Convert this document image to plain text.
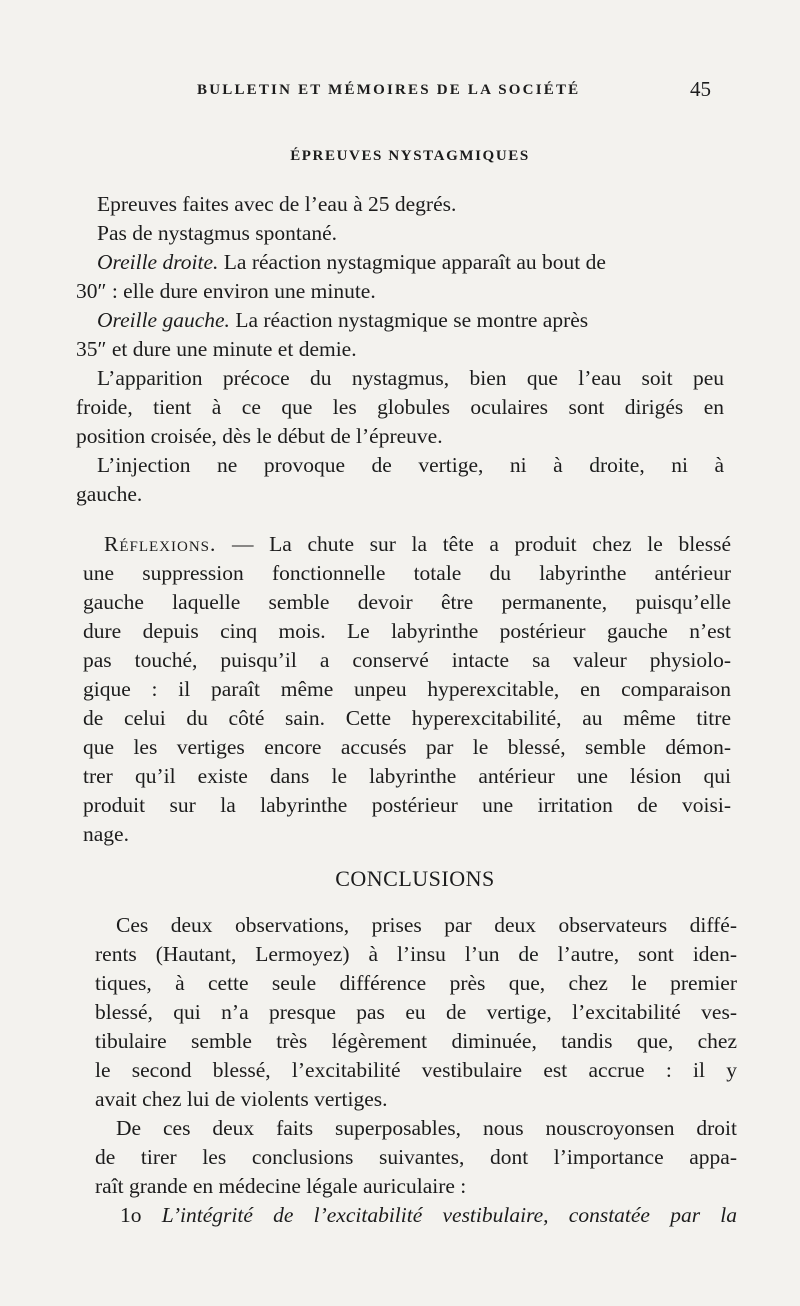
BULLETIN ET MÉMOIRES DE LA SOCIÉTÉ	45
ÉPREUVES NYSTAGMIQUES
Epreuves faites avec de l’eau à 25 degrés.
Pas de nystagmus spontané.
Oreille droite. La réaction nystagmique apparaît au bout de
30″ : elle dure environ une minute.
Oreille gauche. La réaction nystagmique se montre après
35″ et dure une minute et demie.
L’apparition précoce du nystagmus, bien que l’eau soit peu
froide, tient à ce que les globules oculaires sont dirigés en
position croisée, dès le début de l’épreuve.
L’injection ne provoque de vertige, ni à droite, ni à
gauche.
Réflexions. — La chute sur la tête a produit chez le blessé
une suppression fonctionnelle totale du labyrinthe antérieur
gauche laquelle semble devoir être permanente, puisqu’elle
dure depuis cinq mois. Le labyrinthe postérieur gauche n’est
pas touché, puisqu’il a conservé intacte sa valeur physiolo-
gique : il paraît même unpeu hyperexcitable, en comparaison
de celui du côté sain. Cette hyperexcitabilité, au même titre
que les vertiges encore accusés par le blessé, semble démon-
trer qu’il existe dans le labyrinthe antérieur une lésion qui
produit sur la labyrinthe postérieur une irritation de voisi-
nage.
CONCLUSIONS
Ces deux observations, prises par deux observateurs diffé-
rents (Hautant, Lermoyez) à l’insu l’un de l’autre, sont iden-
tiques, à cette seule différence près que, chez le premier
blessé, qui n’a presque pas eu de vertige, l’excitabilité ves-
tibulaire semble très légèrement diminuée, tandis que, chez
le second blessé, l’excitabilité vestibulaire est accrue : il y
avait chez lui de violents vertiges.
De ces deux faits superposables, nous nouscroyonsen droit
de tirer les conclusions suivantes, dont l’importance appa-
raît grande en médecine légale auriculaire :
1o L’intégrité de l’excitabilité vestibulaire, constatée par la
